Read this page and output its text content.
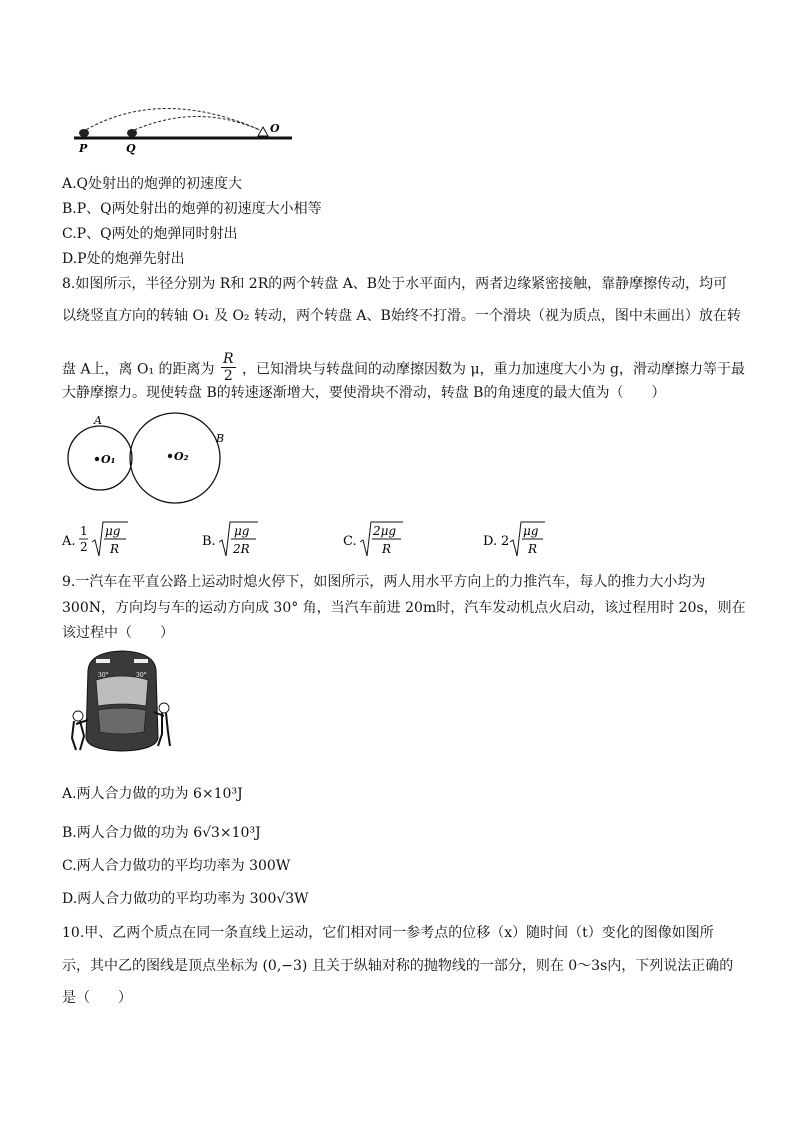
P	Q
O
A.Q处射出的炮弹的初速度大
B.P、Q两处射出的炮弹的初速度大小相等
C.P、Q两处的炮弹同时射出
D.P处的炮弹先射出
8.如图所示，半径分别为 R和 2R的两个转盘 A、B处于水平面内，两者边缘紧密接触，靠静摩擦传动，均可
以绕竖直方向的转轴 O₁ 及 O₂ 转动，两个转盘 A、B始终不打滑。一个滑块（视为质点，图中未画出）放在转
盘 A上，离 O₁ 的距离为 $\frac{R}{2}$ ，已知滑块与转盘间的动摩擦因数为 μ，重力加速度大小为 g，滑动摩擦力等于最
大静摩擦力。现使转盘 B的转速逐渐增大，要使滑块不滑动，转盘 B的角速度的最大值为（　　）
A
B
O₁	O₂
A.
1
2
μg
R	B.
μg
2R	C.
2μg
R	D. 2
μg
R
9.一汽车在平直公路上运动时熄火停下，如图所示，两人用水平方向上的力推汽车，每人的推力大小均为
300N，方向均与车的运动方向成 30° 角，当汽车前进 20m时，汽车发动机点火启动，该过程用时 20s，则在
该过程中（　　）
30°	30°
A.两人合力做的功为 6×10³J
B.两人合力做的功为 6√3×10³J
C.两人合力做功的平均功率为 300W
D.两人合力做功的平均功率为 300√3W
10.甲、乙两个质点在同一条直线上运动，它们相对同一参考点的位移（x）随时间（t）变化的图像如图所
示，其中乙的图线是顶点坐标为 (0,−3) 且关于纵轴对称的抛物线的一部分，则在 0～3s内，下列说法正确的
是（　　）
